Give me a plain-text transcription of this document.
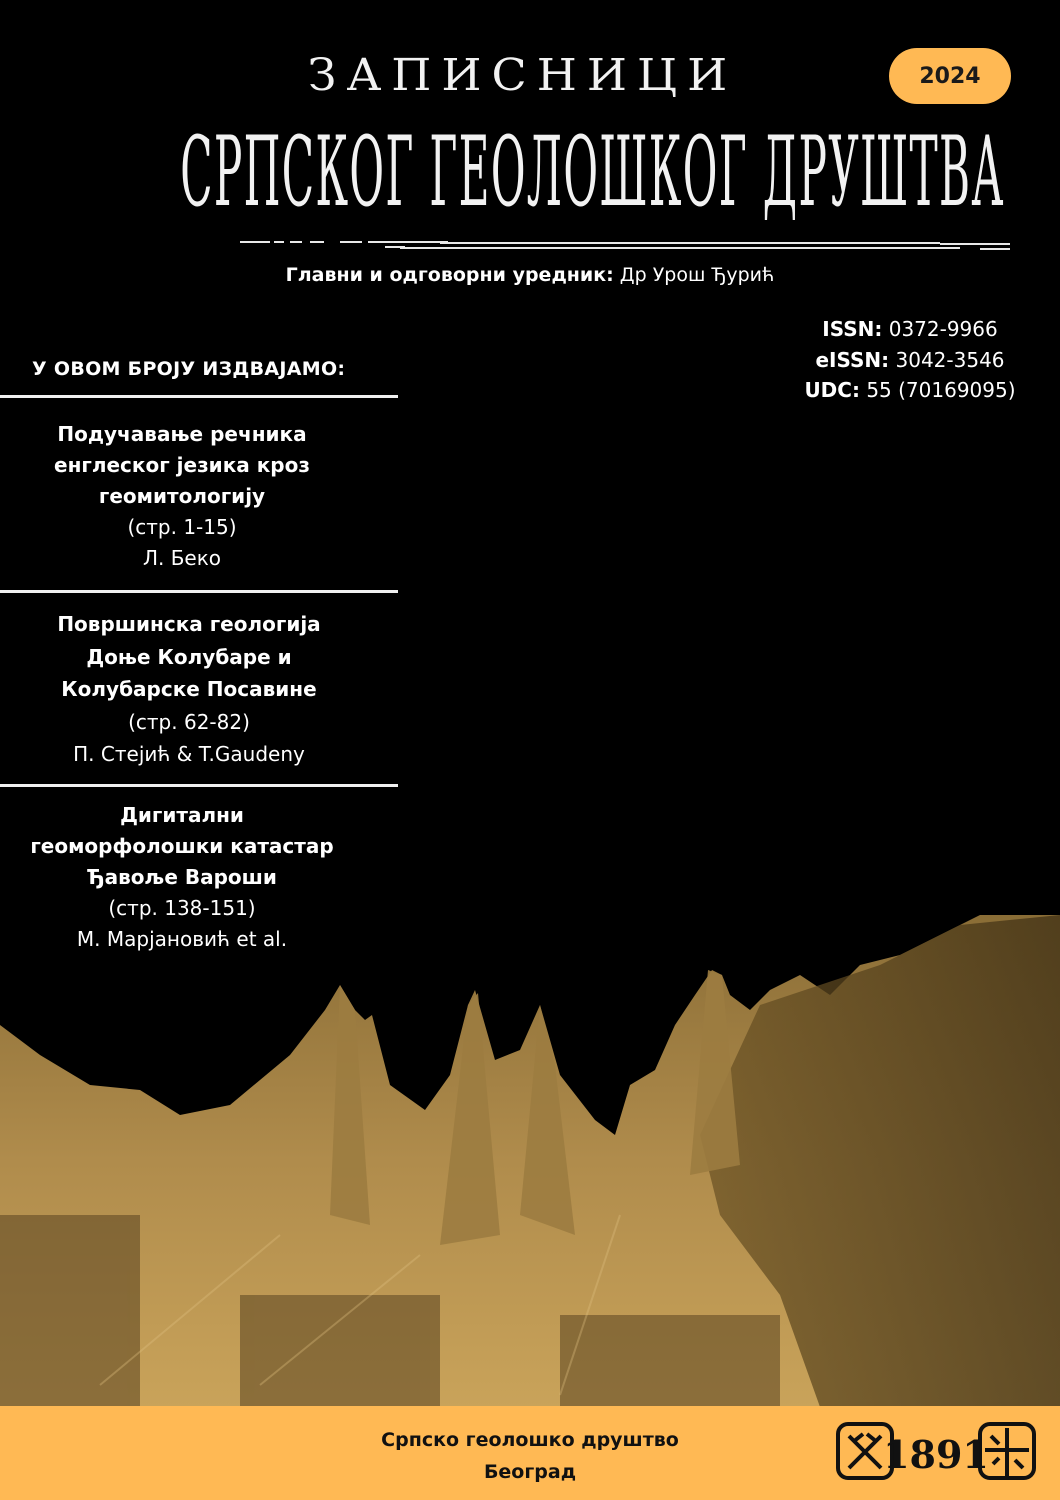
ЗАПИСНИЦИ
СРПСКОГ ГЕОЛОШКОГ ДРУШТВА
2024
Главни и одговорни уредник: Др Урош Ђурић
ISSN: 0372-9966
eISSN: 3042-3546
UDC: 55 (70169095)
У ОВОМ БРОЈУ ИЗДВАЈАМО:
Подучавање речника
енглеског језика кроз
геомитологију
(стр. 1-15)
Л. Беко
Површинска геологија
Доње Колубаре и
Колубарске Посавине
(стр. 62-82)
П. Стејић & T.Gaudeny
Дигитални
геоморфолошки катастар
Ђавоље Вароши
(стр. 138-151)
М. Марјановић et al.
Српско геолошко друштво
Београд	1891
